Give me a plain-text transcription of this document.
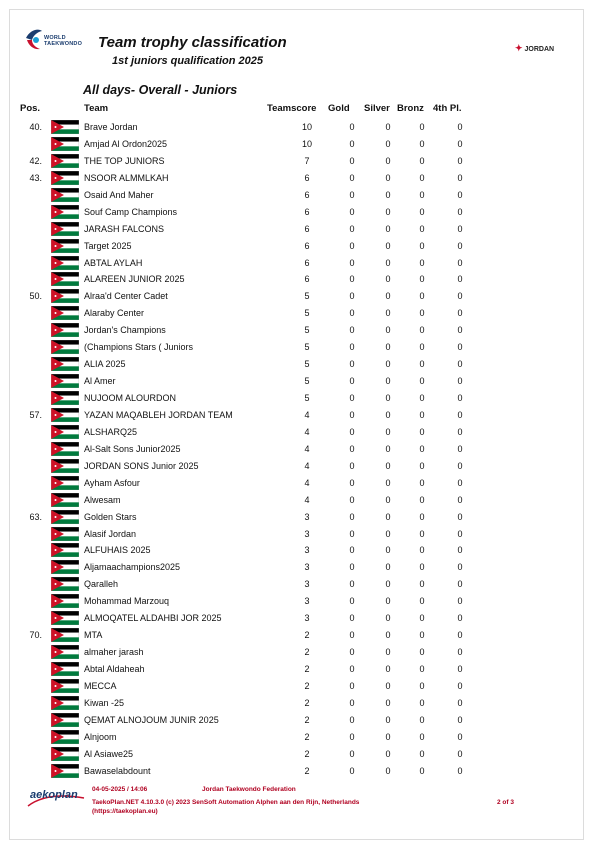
WORLD TAEKWONDO	Team trophy classification
1st juniors qualification 2025
✦ JORDAN
All days- Overall - Juniors
Pos.	Team	Teamscore Gold Silver Bronz 4th Pl.
40.	Brave Jordan	10	0	0	0	0
Amjad Al Ordon2025	10	0	0	0	0
42.	THE TOP JUNIORS	7	0	0	0	0
43.	NSOOR ALMMLKAH	6	0	0	0	0
Osaid And Maher	6	0	0	0	0
Souf Camp Champions	6	0	0	0	0
JARASH FALCONS	6	0	0	0	0
Target 2025	6	0	0	0	0
ABTAL AYLAH	6	0	0	0	0
ALAREEN JUNIOR 2025	6	0	0	0	0
50.	Alraa'd Center Cadet	5	0	0	0	0
Alaraby Center	5	0	0	0	0
Jordan's Champions	5	0	0	0	0
(Champions Stars ( Juniors	5	0	0	0	0
ALIA 2025	5	0	0	0	0
Al Amer	5	0	0	0	0
NUJOOM ALOURDON	5	0	0	0	0
57.	YAZAN MAQABLEH JORDAN TEAM	4	0	0	0	0
ALSHARQ25	4	0	0	0	0
Al-Salt Sons Junior2025	4	0	0	0	0
JORDAN SONS Junior 2025	4	0	0	0	0
Ayham Asfour	4	0	0	0	0
Alwesam	4	0	0	0	0
63.	Golden Stars	3	0	0	0	0
Alasif Jordan	3	0	0	0	0
ALFUHAIS 2025	3	0	0	0	0
Aljamaachampions2025	3	0	0	0	0
Qaralleh	3	0	0	0	0
Mohammad Marzouq	3	0	0	0	0
ALMOQATEL ALDAHBI JOR 2025	3	0	0	0	0
70.	MTA	2	0	0	0	0
almaher jarash	2	0	0	0	0
Abtal Aldaheah	2	0	0	0	0
MECCA	2	0	0	0	0
Kiwan -25	2	0	0	0	0
QEMAT ALNOJOUM JUNIR 2025	2	0	0	0	0
Alnjoom	2	0	0	0	0
Al Asiawe25	2	0	0	0	0
Bawaselabdount	2	0	0	0	0
aekoplan 04-05-2025 / 14:06	Jordan Taekwondo Federation
TaekoPlan.NET 4.10.3.0 (c) 2023 SenSoft Automation Alphen aan den Rijn, Netherlands
(https://taekoplan.eu)
2 of 3
